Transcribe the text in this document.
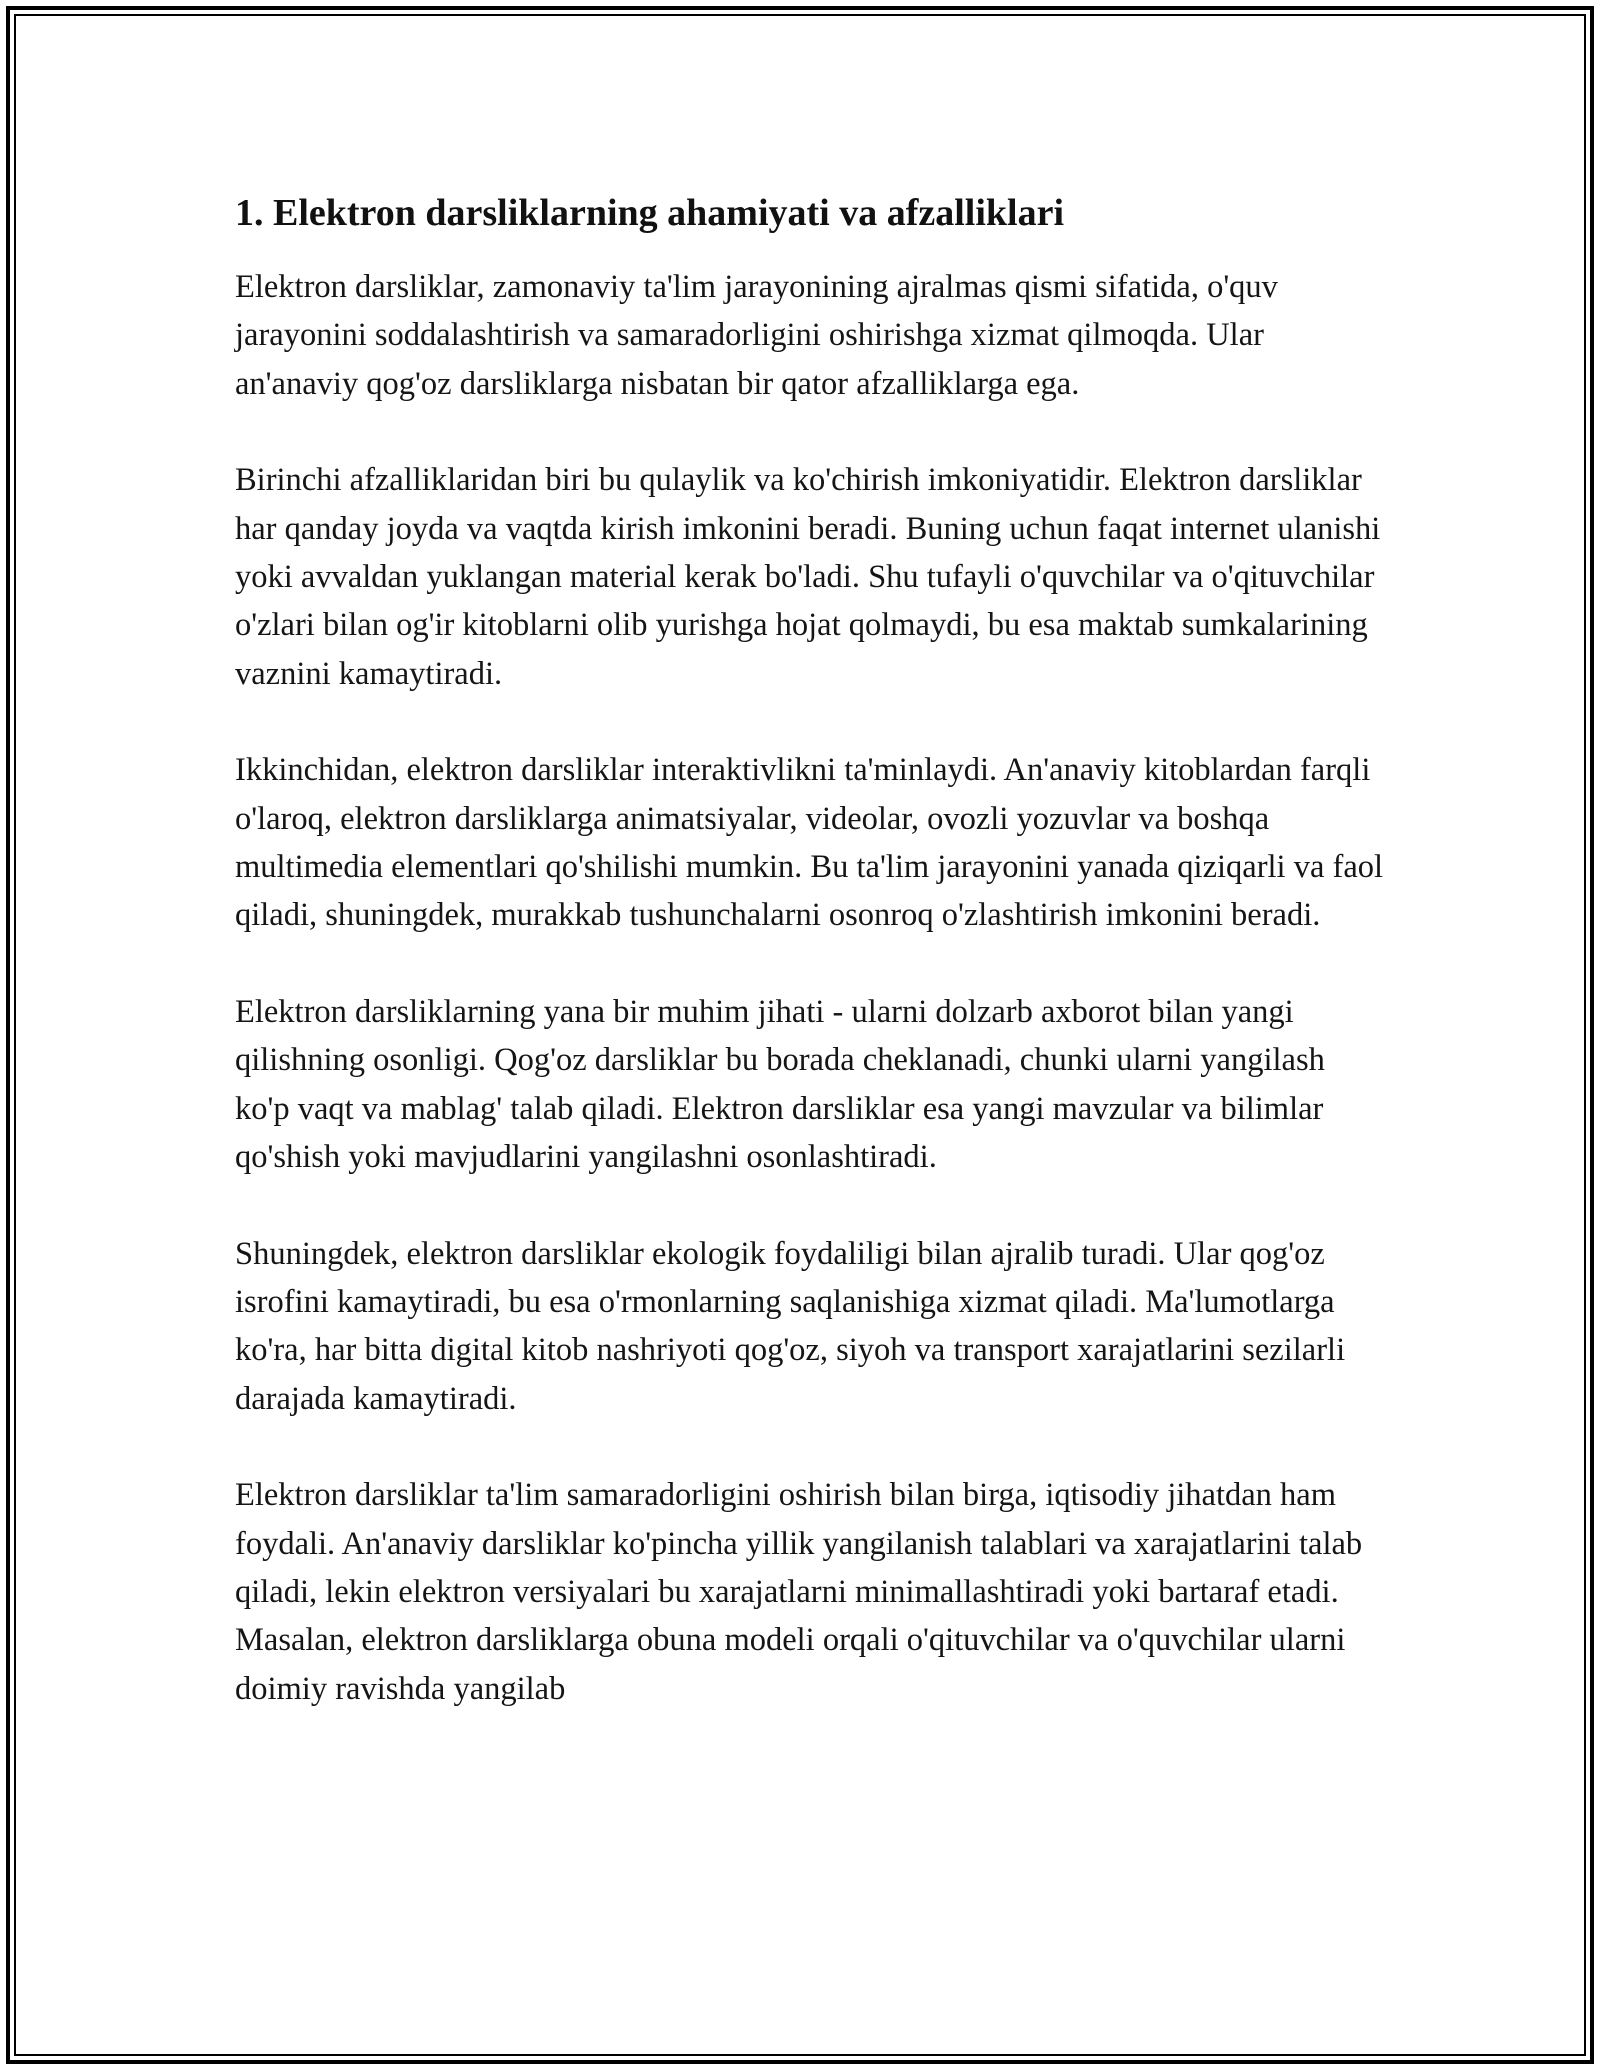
1. Elektron darsliklarning ahamiyati va afzalliklari

Elektron darsliklar, zamonaviy ta'lim jarayonining ajralmas qismi sifatida, o'quv jarayonini soddalashtirish va samaradorligini oshirishga xizmat qilmoqda. Ular an'anaviy qog'oz darsliklarga nisbatan bir qator afzalliklarga ega.

Birinchi afzalliklaridan biri bu qulaylik va ko'chirish imkoniyatidir. Elektron darsliklar har qanday joyda va vaqtda kirish imkonini beradi. Buning uchun faqat internet ulanishi yoki avvaldan yuklangan material kerak bo'ladi. Shu tufayli o'quvchilar va o'qituvchilar o'zlari bilan og'ir kitoblarni olib yurishga hojat qolmaydi, bu esa maktab sumkalarining vaznini kamaytiradi.

Ikkinchidan, elektron darsliklar interaktivlikni ta'minlaydi. An'anaviy kitoblardan farqli o'laroq, elektron darsliklarga animatsiyalar, videolar, ovozli yozuvlar va boshqa multimedia elementlari qo'shilishi mumkin. Bu ta'lim jarayonini yanada qiziqarli va faol qiladi, shuningdek, murakkab tushunchalarni osonroq o'zlashtirish imkonini beradi.

Elektron darsliklarning yana bir muhim jihati - ularni dolzarb axborot bilan yangi qilishning osonligi. Qog'oz darsliklar bu borada cheklanadi, chunki ularni yangilash ko'p vaqt va mablag' talab qiladi. Elektron darsliklar esa yangi mavzular va bilimlar qo'shish yoki mavjudlarini yangilashni osonlashtiradi.

Shuningdek, elektron darsliklar ekologik foydaliligi bilan ajralib turadi. Ular qog'oz isrofini kamaytiradi, bu esa o'rmonlarning saqlanishiga xizmat qiladi. Ma'lumotlarga ko'ra, har bitta digital kitob nashriyoti qog'oz, siyoh va transport xarajatlarini sezilarli darajada kamaytiradi.

Elektron darsliklar ta'lim samaradorligini oshirish bilan birga, iqtisodiy jihatdan ham foydali. An'anaviy darsliklar ko'pincha yillik yangilanish talablari va xarajatlarini talab qiladi, lekin elektron versiyalari bu xarajatlarni minimallashtiradi yoki bartaraf etadi. Masalan, elektron darsliklarga obuna modeli orqali o'qituvchilar va o'quvchilar ularni doimiy ravishda yangilab
